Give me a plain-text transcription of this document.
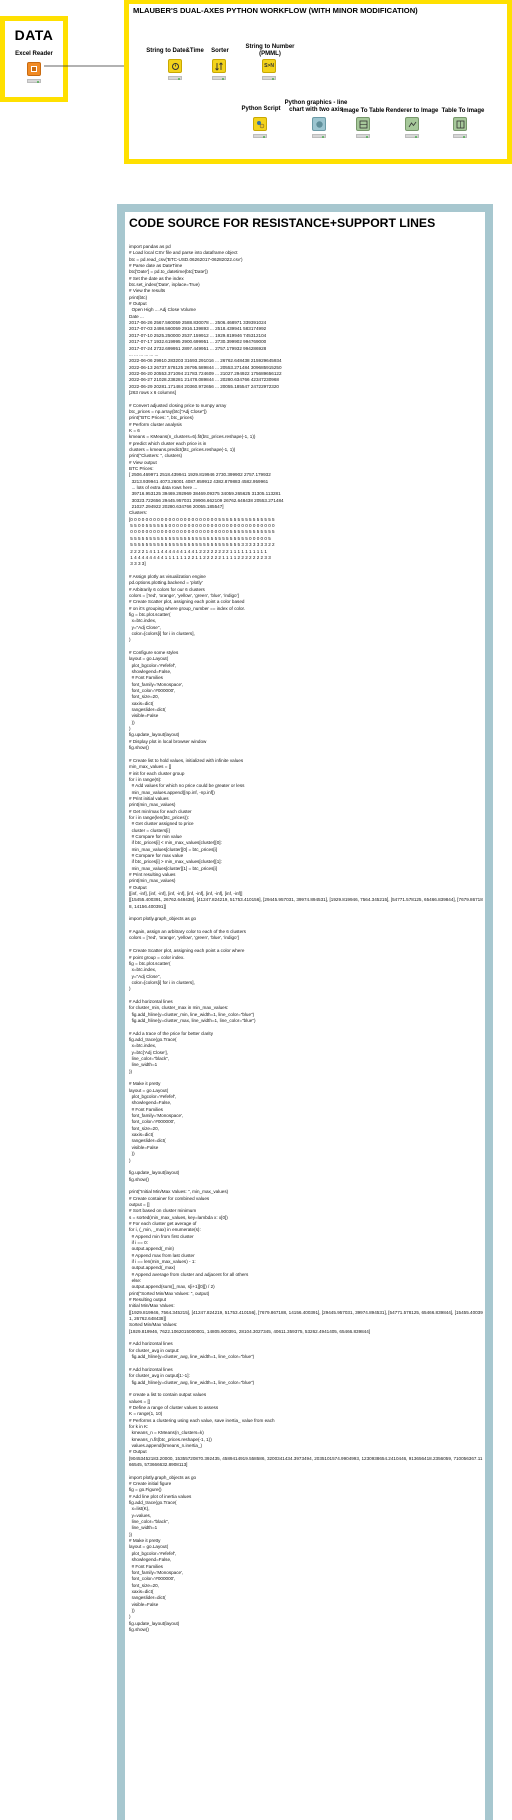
DATA
Excel Reader
MLAUBER'S DUAL-AXES PYTHON WORKFLOW (WITH MINOR MODIFICATION)
String to Date&Time	Sorter
String to Number (PMML)
S>N
Python Script
Python graphics - line chart with two axis
Image To Table Renderer to Image Table To Image
CODE SOURCE FOR RESISTANCE+SUPPORT LINES
import pandas as pd
# Load local CSV file and parse into dataframe object
btc = pd.read_csv('BTC-USD.06262017-06282022.csv')
# Parse date as DateTime
btc['Date'] = pd.to_datetime(btc['Date'])
# Set the date as the index
btc.set_index('Date', inplace=True)
# View the results
print(btc)
# Output
Open High ... Adj Close Volume
Date ...
2017-06-26 2567.560059 2588.830078 ... 2506.468971 339391024
2017-07-03 2498.560059 2916.139893 ... 2518.439941 583174992
2017-07-10 2525.250000 2537.159912 ... 1929.819946 745312104
2017-07-17 1932.619995 2900.699951 ... 2730.399902 994769000
2017-07-24 2732.699951 2897.449951 ... 2757.179932 994286928
... ... ... ... ... ...
2022-06-06 29910.283203 31693.291016 ... 26762.648438 215929645934
2022-06-13 26737.578125 26795.589844 ... 20553.271484 309685915250
2022-06-20 20553.371094 21783.724609 ... 21027.294922 175689656122
2022-06-27 21028.238281 21478.089844 ... 20280.634766 42347230968
2022-06-29 20281.171484 20360.972656 ... 20055.185547 24722972320
[263 rows x 6 columns]

# Convert adjusted closing price to numpy array
btc_prices = np.array(btc["Adj Close"])
print("BTC Prices: ", btc_prices)
# Perform cluster analysis
K = 6
kmeans = KMeans(n_clusters=6).fit(btc_prices.reshape(-1, 1))
# predict which cluster each price is in
clusters = kmeans.predict(btc_prices.reshape(-1, 1))
print("Clusters: ", clusters)
# View output
BTC Prices:
[ 2506.469971 2518.439941 1929.819946 2730.399902 2757.179932
3213.939941 4073.26001 4087.659912 4382.879883 4582.959961
... lots of extra data rows here ...
39716.953125 39469.292969 38469.09375 34059.265625 31305.113281
30323.722656 29445.957031 29906.662109 26762.648438 20553.271484
21027.294922 20280.634766 20055.185547]
Clusters:
[0 0 0 0 0 0 0 0 0 0 0 0 0 0 0 0 0 0 0 0 0 0 0 5 5 5 5 5 5 5 5 5 5 5 5 5 5 5
5 5 0 0 5 5 5 5 5 5 0 0 0 0 0 0 0 0 0 0 0 0 0 0 0 0 0 0 0 0 0 0 0 0 0 0 0 0
0 0 0 0 0 0 0 0 0 0 0 0 0 0 0 0 0 0 0 0 0 0 0 0 0 0 5 5 5 5 5 5 5 5 5 5 5 5
5 5 5 5 5 5 5 5 5 5 5 5 5 5 5 5 5 5 5 5 5 5 5 5 5 5 5 5 5 5 5 0 0 0 0 0 5
5 5 5 5 5 5 5 5 5 5 5 5 5 5 5 5 5 5 5 5 5 5 5 5 5 5 5 5 5 3 3 3 3 3 3 3 2 2
2 2 2 2 1 4 1 1 4 4 4 4 4 4 1 4 4 1 2 2 2 2 2 2 2 2 1 1 1 1 1 1 1 1 1 1
1 4 4 4 4 4 4 4 4 1 1 1 1 1 1 2 2 1 1 2 2 2 2 2 1 1 1 1 2 2 2 2 2 2 2 3 3
3 3 3 3]

# Assign plotly as visualization engine
pd.options.plotting.backend = 'plotly'
# Arbitrarily 6 colors for our 6 clusters
colors = ['red', 'orange', 'yellow', 'green', 'blue', 'indigo']
# Create Scatter plot, assigning each point a color based
# on it's grouping where group_number == index of color.
fig = btc.plot.scatter(
x=btc.index,
y="Adj Close",
color=[colors[i] for i in clusters],
)

# Configure some styles
layout = go.Layout(
plot_bgcolor='#efefef',
showlegend=False,
# Font Families
font_family='Monospace',
font_color='#000000',
font_size=20,
xaxis=dict(
rangeslider=dict(
visible=False
))
)
fig.update_layout(layout)
# Display plot in local browser window
fig.show()

# Create list to hold values, initialized with infinite values
min_max_values = []
# init for each cluster group
for i in range(6):
# Add values for which no price could be greater or less
min_max_values.append([np.inf, -np.inf])
# Print initial values
print(min_max_values)
# Get min/max for each cluster
for i in range(len(btc_prices)):
# Get cluster assigned to price
cluster = clusters[i]
# Compare for min value
if btc_prices[i] < min_max_values[cluster][0]:
min_max_values[cluster][0] = btc_prices[i]
# Compare for max value
if btc_prices[i] > min_max_values[cluster][1]:
min_max_values[cluster][1] = btc_prices[i]
# Print resulting values
print(min_max_values)
# Output
[[inf, -inf], [inf, -inf], [inf, -inf], [inf, -inf], [inf, -inf], [inf, -inf]]
[[15455.400391, 26762.648438], [41247.824219, 51753.410156], [29445.957031, 39974.894531], [1929.819946, 7564.345215], [54771.578125, 65466.839844], [7679.867188, 14156.400391]]

import plotly.graph_objects as go

# Again, assign an arbitrary color to each of the 6 clusters
colors = ['red', 'orange', 'yellow', 'green', 'blue', 'indigo']

# Create Scatter plot, assigning each point a color where
# point group = color index.
fig = btc.plot.scatter(
x=btc.index,
y="Adj Close",
color=[colors[i] for i in clusters],
)

# Add horizontal lines
for cluster_min, cluster_max in min_max_values:
fig.add_hline(y=cluster_min, line_width=1, line_color="blue")
fig.add_hline(y=cluster_max, line_width=1, line_color="blue")

# Add a trace of the price for better clarity
fig.add_trace(go.Trace(
x=btc.index,
y=btc['Adj Close'],
line_color="black",
line_width=1
))

# Make it pretty
layout = go.Layout(
plot_bgcolor='#efefef',
showlegend=False,
# Font Families
font_family='Monospace',
font_color='#000000',
font_size=20,
xaxis=dict(
rangeslider=dict(
visible=False
))
)

fig.update_layout(layout)
fig.show()

print("Initial Min/Max Values: ", min_max_values)
# Create container for combined values
output = []
# Sort based on cluster minimum
s = sorted(min_max_values, key=lambda x: x[0])
# For each cluster get average of
for i, (_min, _max) in enumerate(s):
# Append min from first cluster
if i == 0:
output.append(_min)
# Append max from last cluster
if i == len(min_max_values) - 1:
output.append(_max)
# Append average from cluster and adjacent for all others
else:
output.append(sum([_max, s[i+1][0]]) / 2)
print("Sorted Min/Max Values: ", output)
# Resulting output
Initial Min/Max Values:
[[1929.819946, 7564.345215], [41247.824219, 51753.410156], [7679.867188, 14156.400391], [29445.957031, 39974.894531], [54771.578125, 65466.839844], [15455.400391, 26762.648438]]
Sorted Min/Max Values:
[1929.819946, 7622.1062015000001, 14805.900391, 28104.3027345, 40611.359375, 53262.4941405, 65466.839844]

# Add horizontal lines
for cluster_avg in output:
fig.add_hline(y=cluster_avg, line_width=1, line_color="blue")

# Add horizontal lines
for cluster_avg in output[1:-1]:
fig.add_hline(y=cluster_avg, line_width=1, line_color="blue")

# create a list to contain output values
values = []
# Define a range of cluster values to assess
K = range(1, 10)
# Performs a clustering using each value, save inertia_ value from each
for k in K:
kmeans_n = KMeans(n_clusters=k)
kmeans_n.fit(btc_prices.reshape(-1, 1))
values.append(kmeans_n.inertia_)
# Output
[90453452183.20000, 15355720870.392435, 4589414919.558586, 3200341434.3973494, 2035101574.9904993, 1230938654.2410446, 913656418.2356059, 710056367.1166545, 573666632.8908113]

import plotly.graph_objects as go
# Create initial figure
fig = go.Figure()
# Add line plot of inertia values
fig.add_trace(go.Trace(
x=list(K),
y=values,
line_color="black",
line_width=1
))
# Make it pretty
layout = go.Layout(
plot_bgcolor='#efefef',
showlegend=False,
# Font Families
font_family='Monospace',
font_color='#000000',
font_size=20,
xaxis=dict(
rangeslider=dict(
visible=False
))
)
fig.update_layout(layout)
fig.show()
